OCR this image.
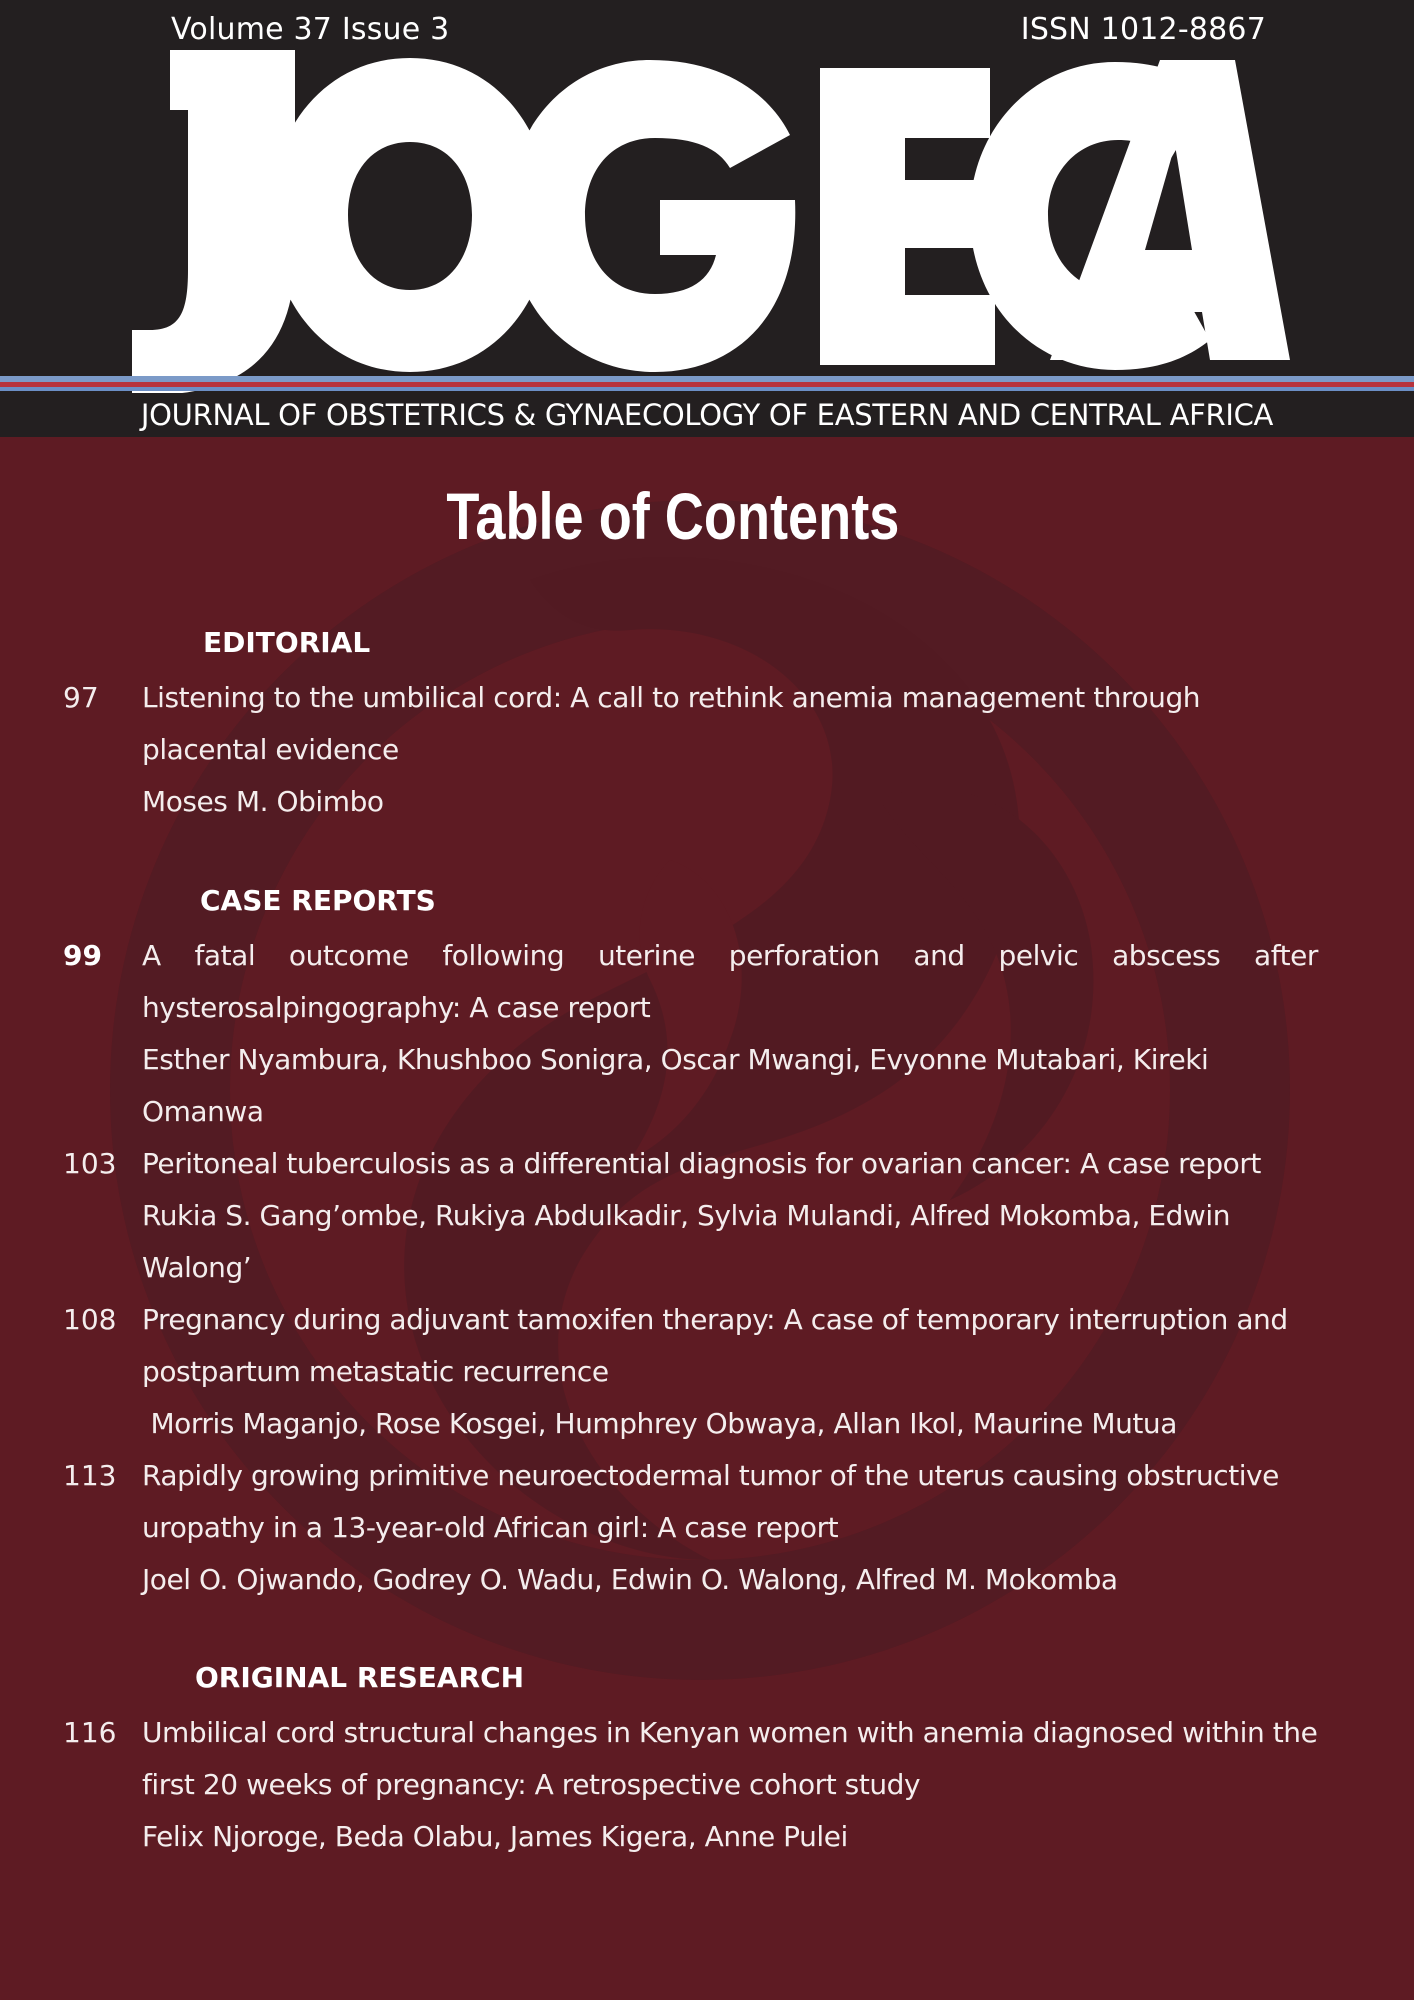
Volume 37 Issue 3	ISSN 1012-8867
JOURNAL OF OBSTETRICS & GYNAECOLOGY OF EASTERN AND CENTRAL AFRICA
Table of Contents
EDITORIAL
97 Listening to the umbilical cord: A call to rethink anemia management through
placental evidence
Moses M. Obimbo
CASE REPORTS
99 A fatal outcome following uterine perforation and pelvic abscess after
hysterosalpingography: A case report
Esther Nyambura, Khushboo Sonigra, Oscar Mwangi, Evyonne Mutabari, Kireki
Omanwa
103 Peritoneal tuberculosis as a differential diagnosis for ovarian cancer: A case report
Rukia S. Gang’ombe, Rukiya Abdulkadir, Sylvia Mulandi, Alfred Mokomba, Edwin
Walong’
108 Pregnancy during adjuvant tamoxifen therapy: A case of temporary interruption and
postpartum metastatic recurrence
Morris Maganjo, Rose Kosgei, Humphrey Obwaya, Allan Ikol, Maurine Mutua
113 Rapidly growing primitive neuroectodermal tumor of the uterus causing obstructive
uropathy in a 13-year-old African girl: A case report
Joel O. Ojwando, Godrey O. Wadu, Edwin O. Walong, Alfred M. Mokomba
ORIGINAL RESEARCH
116 Umbilical cord structural changes in Kenyan women with anemia diagnosed within the
first 20 weeks of pregnancy: A retrospective cohort study
Felix Njoroge, Beda Olabu, James Kigera, Anne Pulei
